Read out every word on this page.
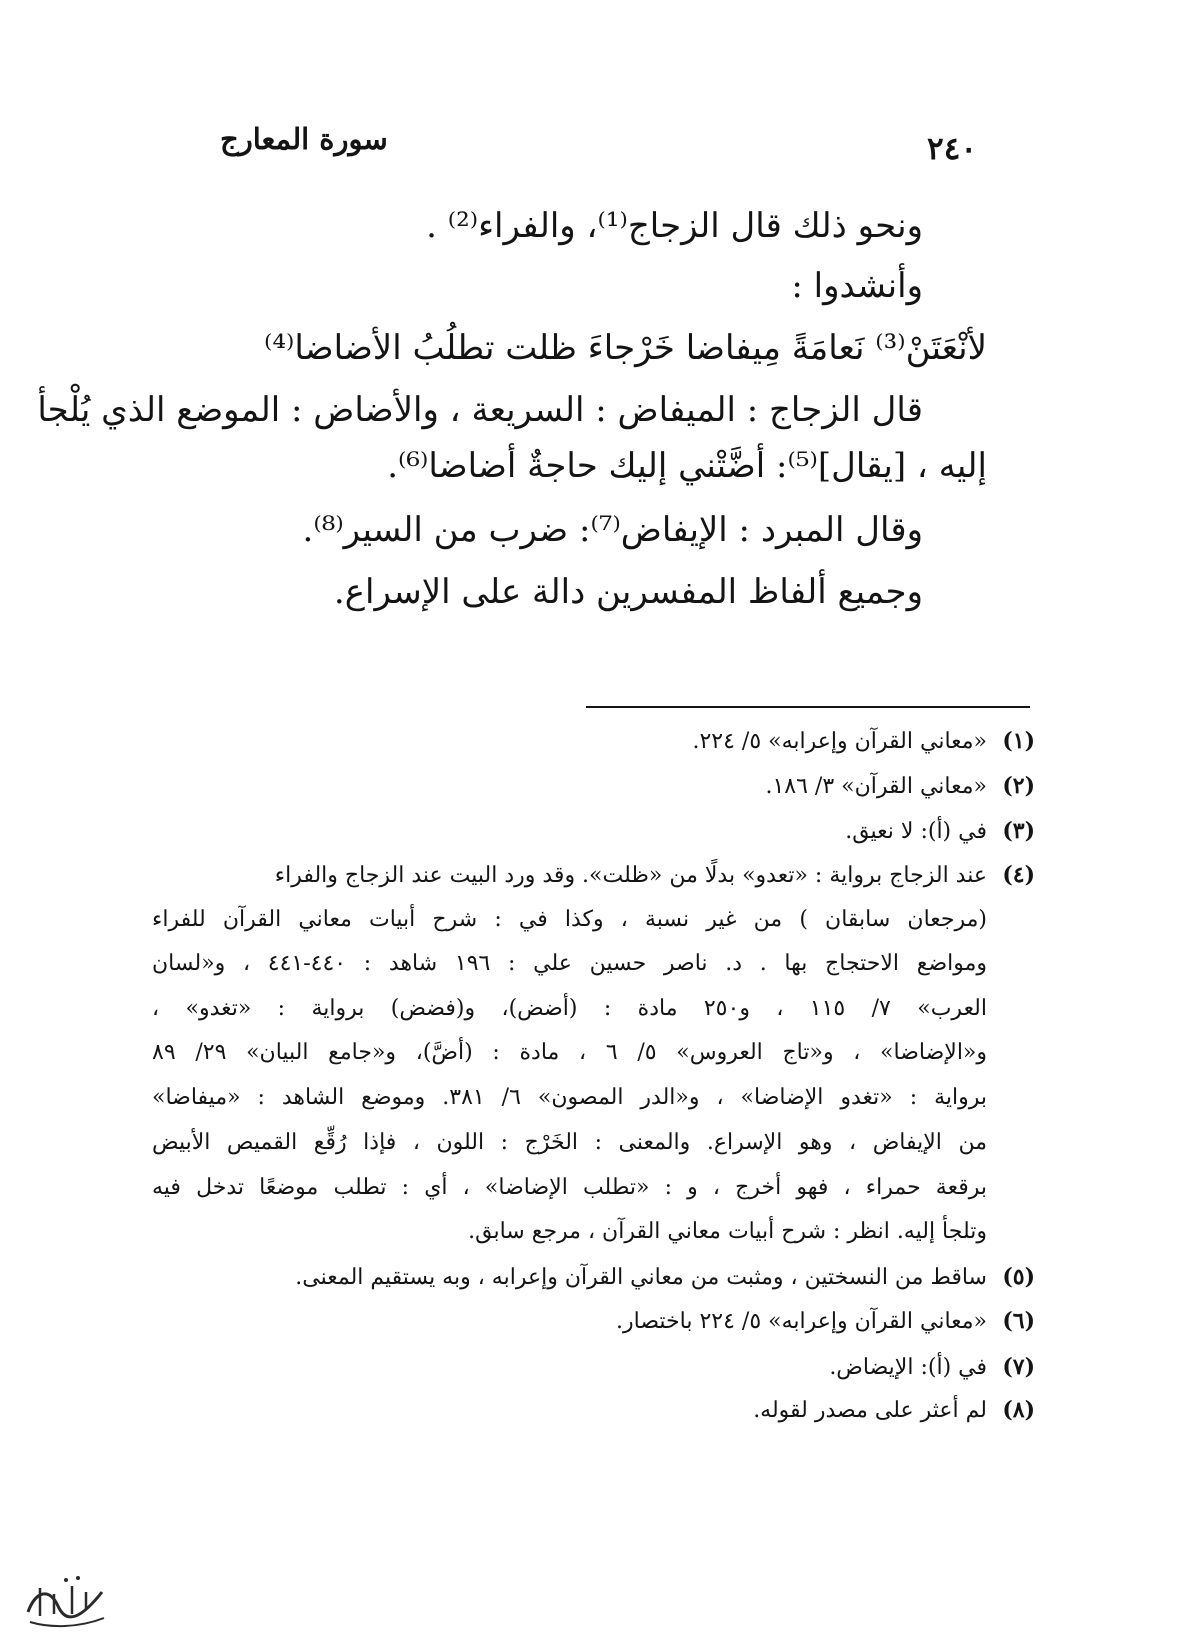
٢٤٠
سورة المعارج
ونحو ذلك قال الزجاج⁽¹⁾، والفراء⁽²⁾ .
وأنشدوا :
لأنْعَتَنْ⁽³⁾ نَعامَةً مِيفاضا خَرْجاءَ ظلت تطلُبُ الأضاضا⁽⁴⁾
قال الزجاج : الميفاض : السريعة ، والأضاض : الموضع الذي يُلْجأ
إليه ، [يقال]⁽⁵⁾: أضَّتْني إليك حاجةٌ أضاضا⁽⁶⁾.
وقال المبرد : الإيفاض⁽⁷⁾: ضرب من السير⁽⁸⁾.
وجميع ألفاظ المفسرين دالة على الإسراع.
(١)
«معاني القرآن وإعرابه» ٥/ ٢٢٤.
(٢)
«معاني القرآن» ٣/ ١٨٦.
(٣)
في (أ): لا نعيق.
(٤)
عند الزجاج برواية : «تعدو» بدلًا من «ظلت». وقد ورد البيت عند الزجاج والفراء
(مرجعان سابقان ) من غير نسبة ، وكذا في : شرح أبيات معاني القرآن للفراء
ومواضع الاحتجاج بها . د. ناصر حسين علي : ١٩٦ شاهد : ٤٤٠-٤٤١ ، و«لسان
العرب» ٧/ ١١٥ ، و٢٥٠ مادة : (أضض)، و(فضض) برواية : «تغدو» ،
و«الإضاضا» ، و«تاج العروس» ٥/ ٦ ، مادة : (أضَّ)، و«جامع البيان» ٢٩/ ٨٩
برواية : «تغدو الإضاضا» ، و«الدر المصون» ٦/ ٣٨١. وموضع الشاهد : «ميفاضا»
من الإيفاض ، وهو الإسراع. والمعنى : الخَرْج : اللون ، فإذا رُقِّع القميص الأبيض
برقعة حمراء ، فهو أخرج ، و : «تطلب الإضاضا» ، أي : تطلب موضعًا تدخل فيه
وتلجأ إليه. انظر : شرح أبيات معاني القرآن ، مرجع سابق.
(٥)
ساقط من النسختين ، ومثبت من معاني القرآن وإعرابه ، وبه يستقيم المعنى.
(٦)
«معاني القرآن وإعرابه» ٥/ ٢٢٤ باختصار.
(٧)
في (أ): الإيضاض.
(٨)
لم أعثر على مصدر لقوله.
